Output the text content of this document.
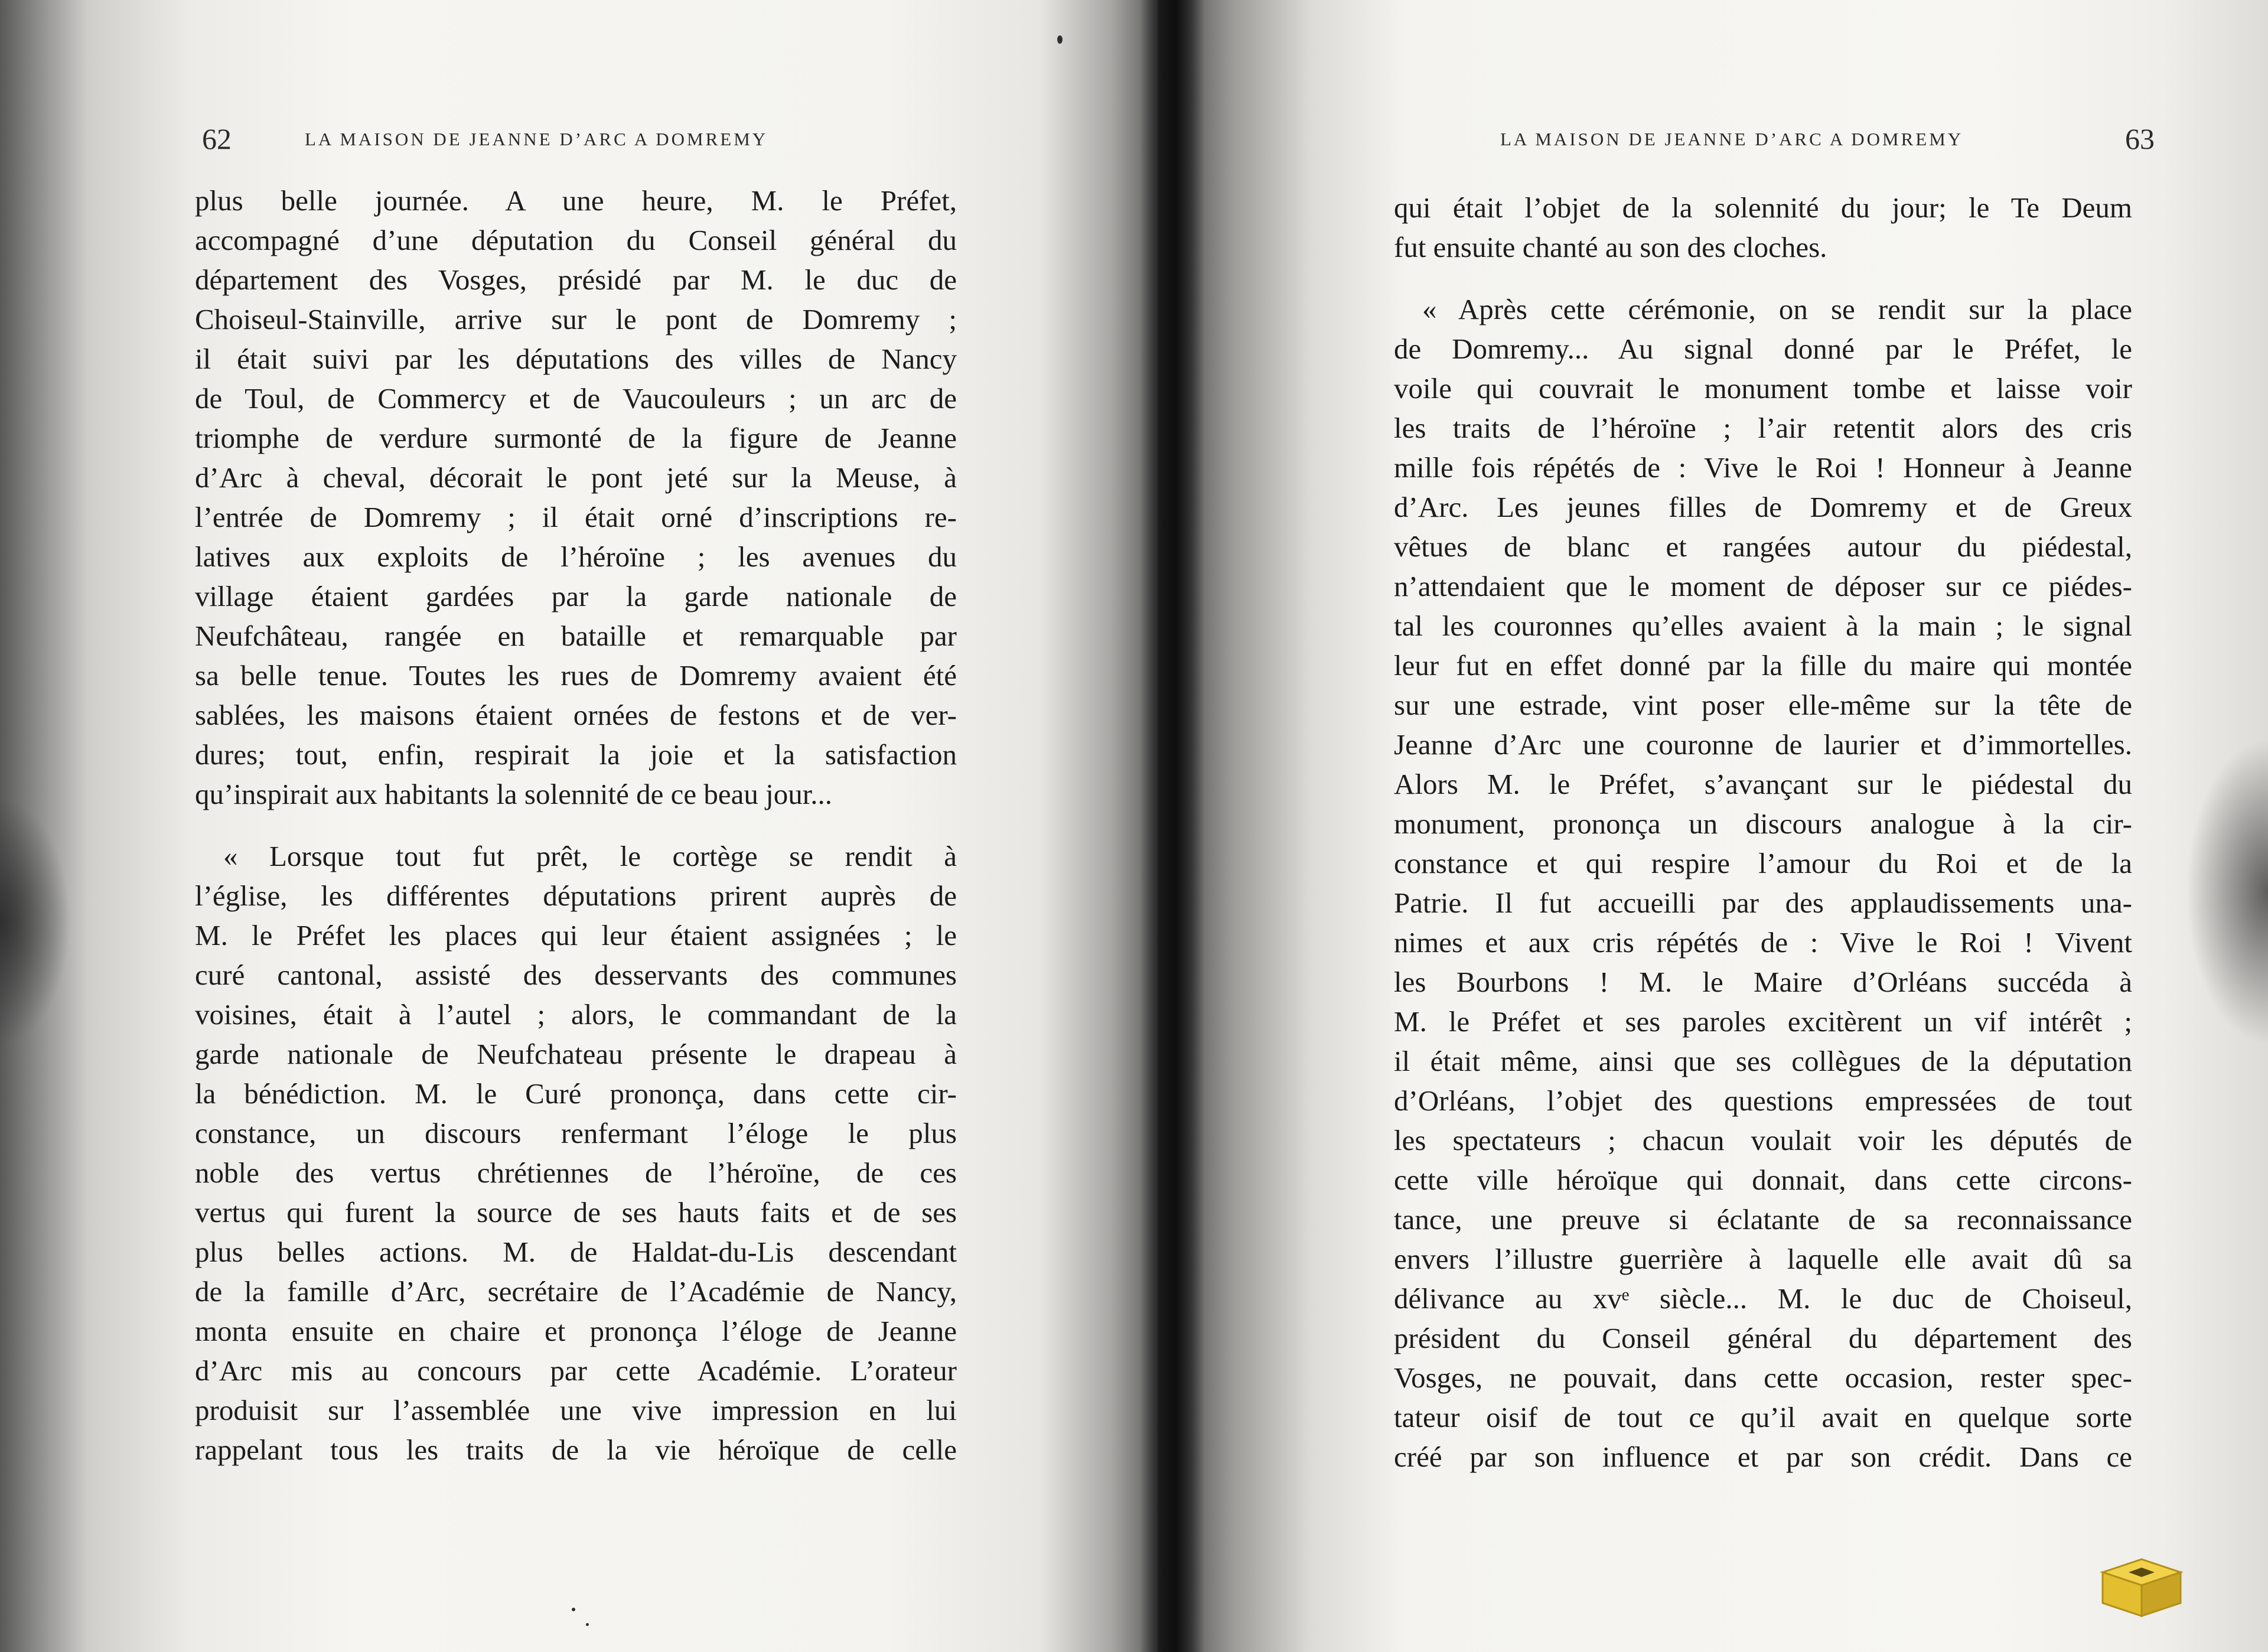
62	LA MAISON DE JEANNE D’ARC A DOMREMY
plus belle journée. A une heure, M. le Préfet,
accompagné d’une députation du Conseil général du
département des Vosges, présidé par M. le duc de
Choiseul-Stainville, arrive sur le pont de Domremy ;
il était suivi par les députations des villes de Nancy
de Toul, de Commercy et de Vaucouleurs ; un arc de
triomphe de verdure surmonté de la figure de Jeanne
d’Arc à cheval, décorait le pont jeté sur la Meuse, à
l’entrée de Domremy ; il était orné d’inscriptions re-
latives aux exploits de l’héroïne ; les avenues du
village étaient gardées par la garde nationale de
Neufchâteau, rangée en bataille et remarquable par
sa belle tenue. Toutes les rues de Domremy avaient été
sablées, les maisons étaient ornées de festons et de ver-
dures; tout, enfin, respirait la joie et la satisfaction
qu’inspirait aux habitants la solennité de ce beau jour...
« Lorsque tout fut prêt, le cortège se rendit à
l’église, les différentes députations prirent auprès de
M. le Préfet les places qui leur étaient assignées ; le
curé cantonal, assisté des desservants des communes
voisines, était à l’autel ; alors, le commandant de la
garde nationale de Neufchateau présente le drapeau à
la bénédiction. M. le Curé prononça, dans cette cir-
constance, un discours renfermant l’éloge le plus
noble des vertus chrétiennes de l’héroïne, de ces
vertus qui furent la source de ses hauts faits et de ses
plus belles actions. M. de Haldat-du-Lis descendant
de la famille d’Arc, secrétaire de l’Académie de Nancy,
monta ensuite en chaire et prononça l’éloge de Jeanne
d’Arc mis au concours par cette Académie. L’orateur
produisit sur l’assemblée une vive impression en lui
rappelant tous les traits de la vie héroïque de celle
LA MAISON DE JEANNE D’ARC A DOMREMY	63
qui était l’objet de la solennité du jour; le Te Deum
fut ensuite chanté au son des cloches.
« Après cette cérémonie, on se rendit sur la place
de Domremy... Au signal donné par le Préfet, le
voile qui couvrait le monument tombe et laisse voir
les traits de l’héroïne ; l’air retentit alors des cris
mille fois répétés de : Vive le Roi ! Honneur à Jeanne
d’Arc. Les jeunes filles de Domremy et de Greux
vêtues de blanc et rangées autour du piédestal,
n’attendaient que le moment de déposer sur ce piédes-
tal les couronnes qu’elles avaient à la main ; le signal
leur fut en effet donné par la fille du maire qui montée
sur une estrade, vint poser elle-même sur la tête de
Jeanne d’Arc une couronne de laurier et d’immortelles.
Alors M. le Préfet, s’avançant sur le piédestal du
monument, prononça un discours analogue à la cir-
constance et qui respire l’amour du Roi et de la
Patrie. Il fut accueilli par des applaudissements una-
nimes et aux cris répétés de : Vive le Roi ! Vivent
les Bourbons ! M. le Maire d’Orléans succéda à
M. le Préfet et ses paroles excitèrent un vif intérêt ;
il était même, ainsi que ses collègues de la députation
d’Orléans, l’objet des questions empressées de tout
les spectateurs ; chacun voulait voir les députés de
cette ville héroïque qui donnait, dans cette circons-
tance, une preuve si éclatante de sa reconnaissance
envers l’illustre guerrière à laquelle elle avait dû sa
délivance au xvᵉ siècle... M. le duc de Choiseul,
président du Conseil général du département des
Vosges, ne pouvait, dans cette occasion, rester spec-
tateur oisif de tout ce qu’il avait en quelque sorte
créé par son influence et par son crédit. Dans ce
